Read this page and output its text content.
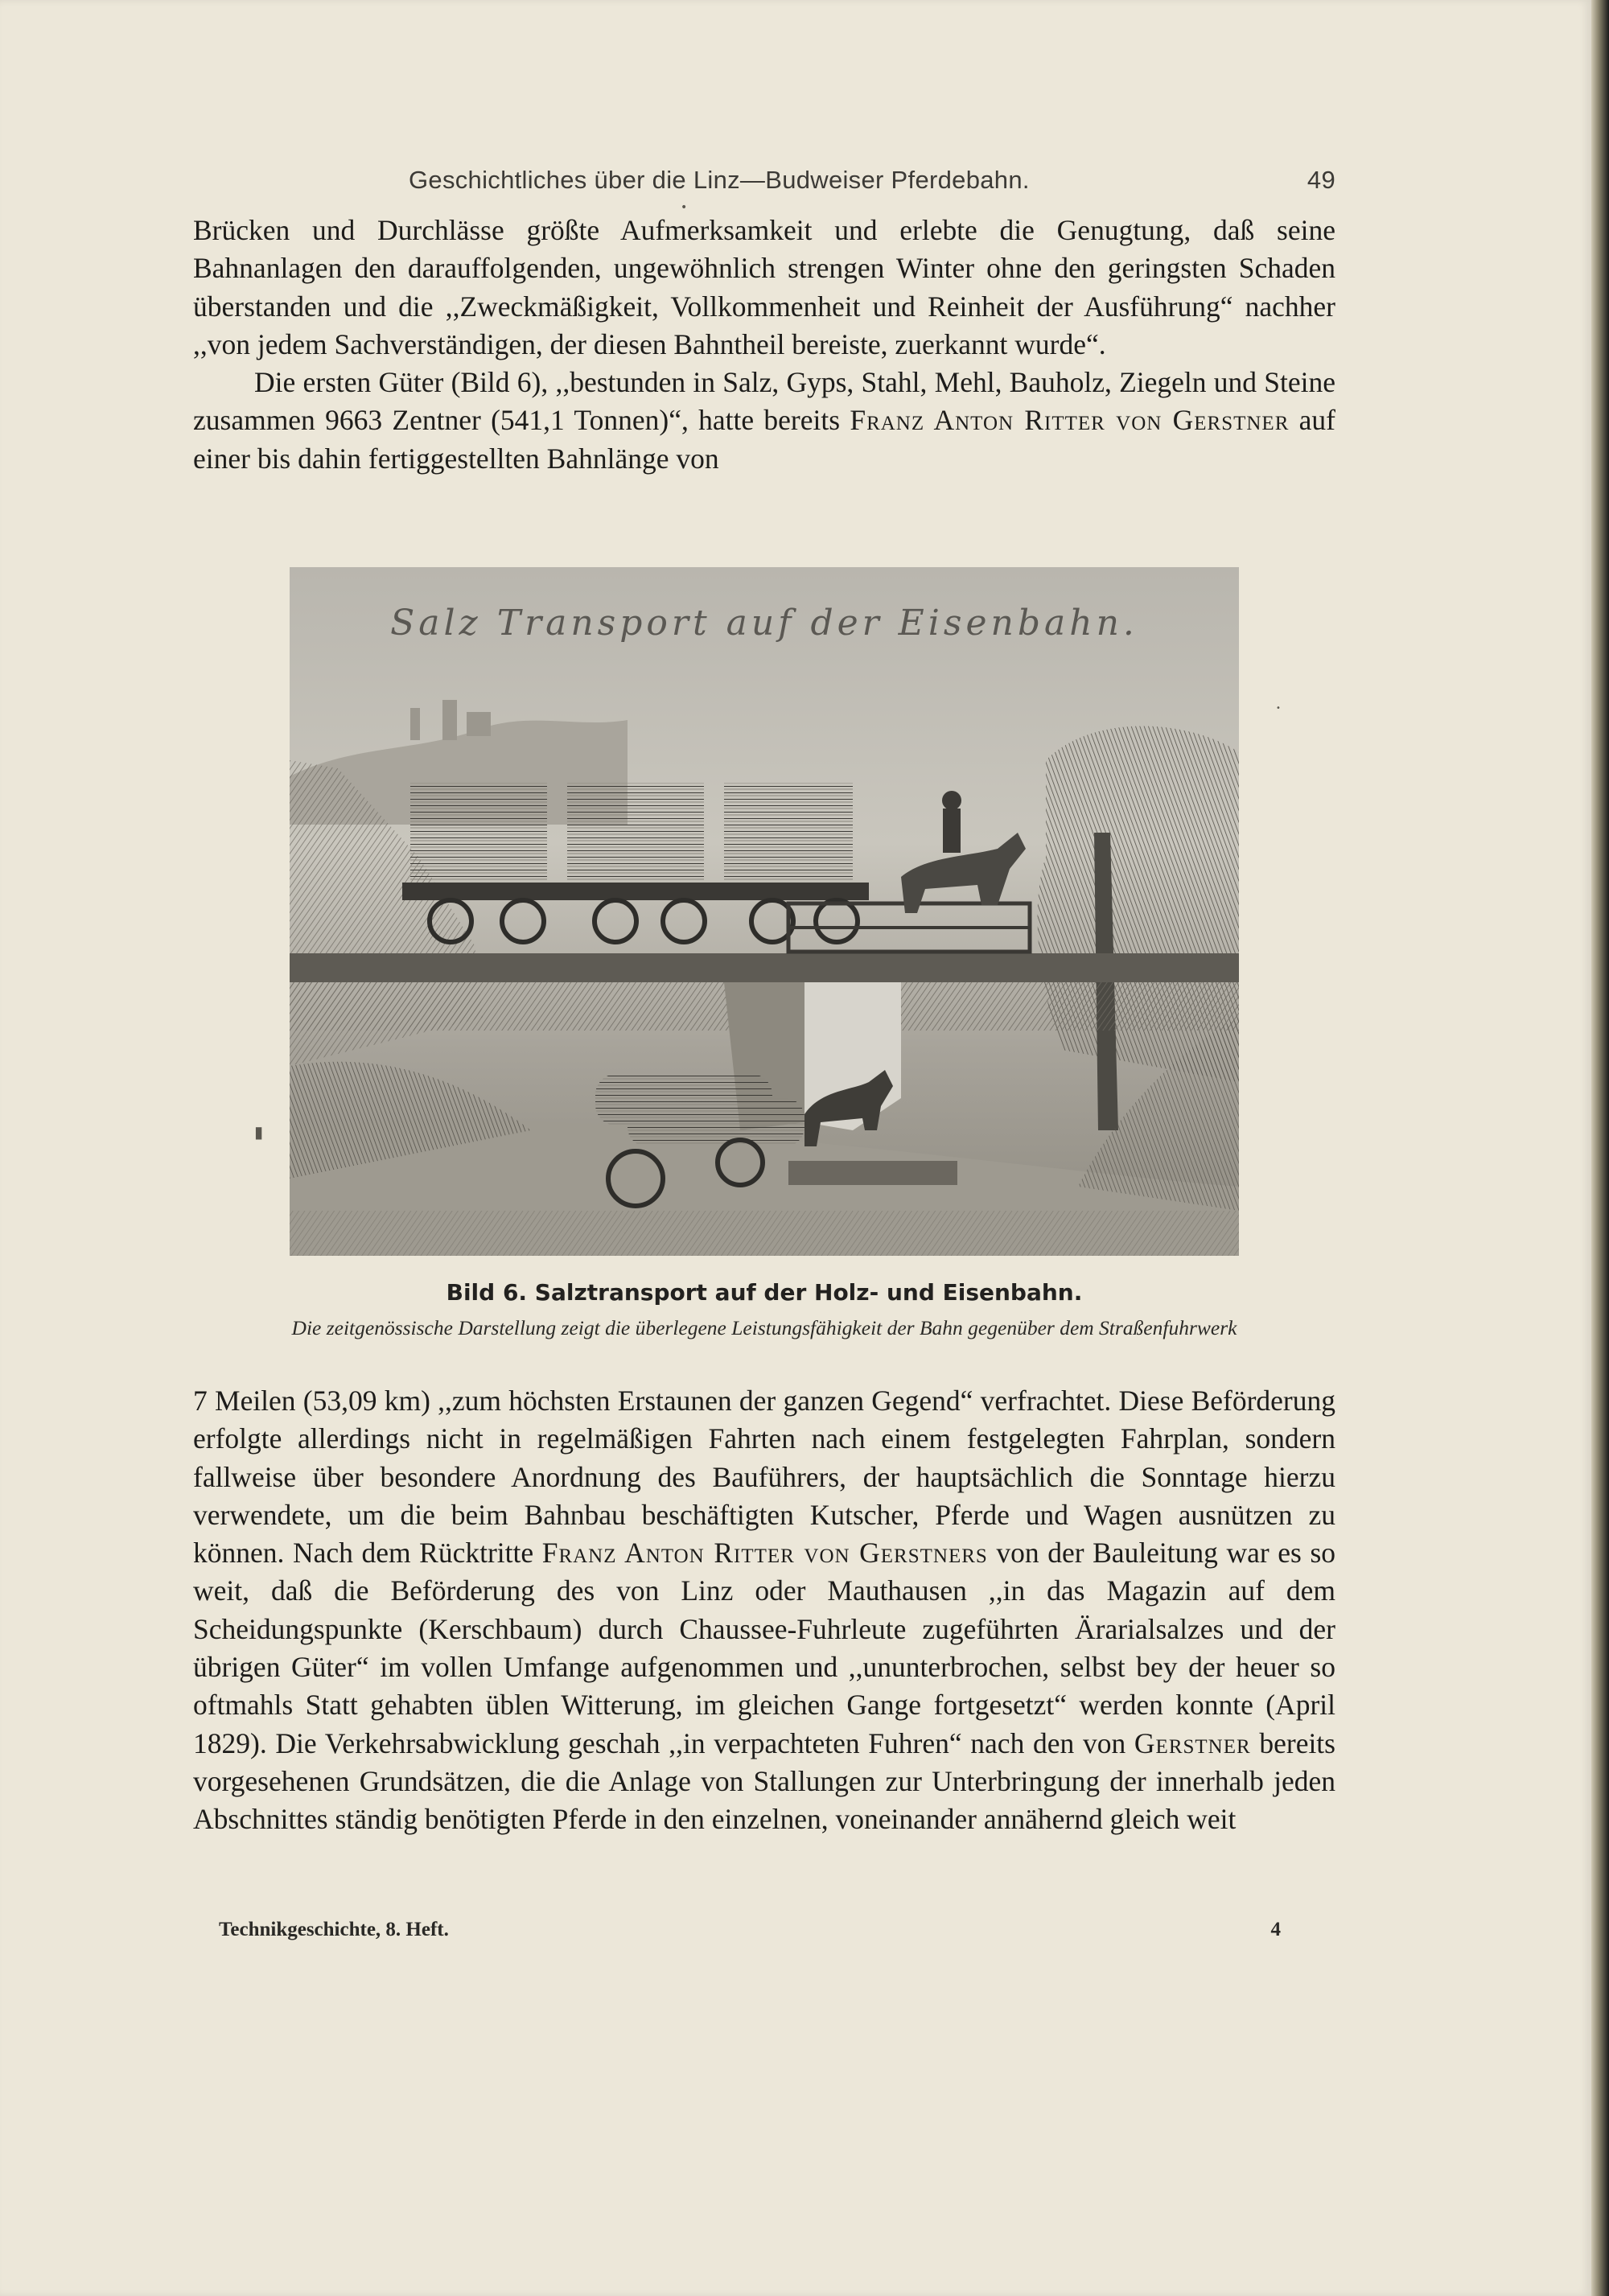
Geschichtliches über die Linz—Budweiser Pferdebahn.	49
•

Brücken und Durchlässe größte Aufmerksamkeit und erlebte die Genugtung, daß seine Bahnanlagen den darauffolgenden, ungewöhnlich strengen Winter ohne den geringsten Schaden überstanden und die ,,Zweckmäßigkeit, Vollkommenheit und Reinheit der Ausführung“ nachher ,,von jedem Sachverständigen, der diesen Bahntheil bereiste, zuerkannt wurde“.

Die ersten Güter (Bild 6), ,,bestunden in Salz, Gyps, Stahl, Mehl, Bauholz, Ziegeln und Steine zusammen 9663 Zentner (541,1 Tonnen)“, hatte bereits Franz Anton Ritter von Gerstner auf einer bis dahin fertiggestellten Bahnlänge von

Salz Transport auf der Eisenbahn.
Bild 6. Salztransport auf der Holz- und Eisenbahn.
Die zeitgenössische Darstellung zeigt die überlegene Leistungsfähigkeit der Bahn gegenüber dem Straßenfuhrwerk
▮
•

7 Meilen (53,09 km) ,,zum höchsten Erstaunen der ganzen Gegend“ verfrachtet. Diese Beförderung erfolgte allerdings nicht in regelmäßigen Fahrten nach einem festgelegten Fahrplan, sondern fallweise über besondere Anordnung des Bauführers, der hauptsächlich die Sonntage hierzu verwendete, um die beim Bahnbau beschäftigten Kutscher, Pferde und Wagen ausnützen zu können. Nach dem Rücktritte Franz Anton Ritter von Gerstners von der Bauleitung war es so weit, daß die Beförderung des von Linz oder Mauthausen ,,in das Magazin auf dem Scheidungspunkte (Kerschbaum) durch Chaussee-Fuhrleute zugeführten Ärarialsalzes und der übrigen Güter“ im vollen Umfange aufgenommen und ,,ununterbrochen, selbst bey der heuer so oftmahls Statt gehabten üblen Witterung, im gleichen Gange fortgesetzt“ werden konnte (April 1829). Die Verkehrsabwicklung geschah ,,in verpachteten Fuhren“ nach den von Gerstner bereits vorgesehenen Grundsätzen, die die Anlage von Stallungen zur Unterbringung der innerhalb jeden Abschnittes ständig benötigten Pferde in den einzelnen, voneinander annähernd gleich weit

Technikgeschichte, 8. Heft.	4
